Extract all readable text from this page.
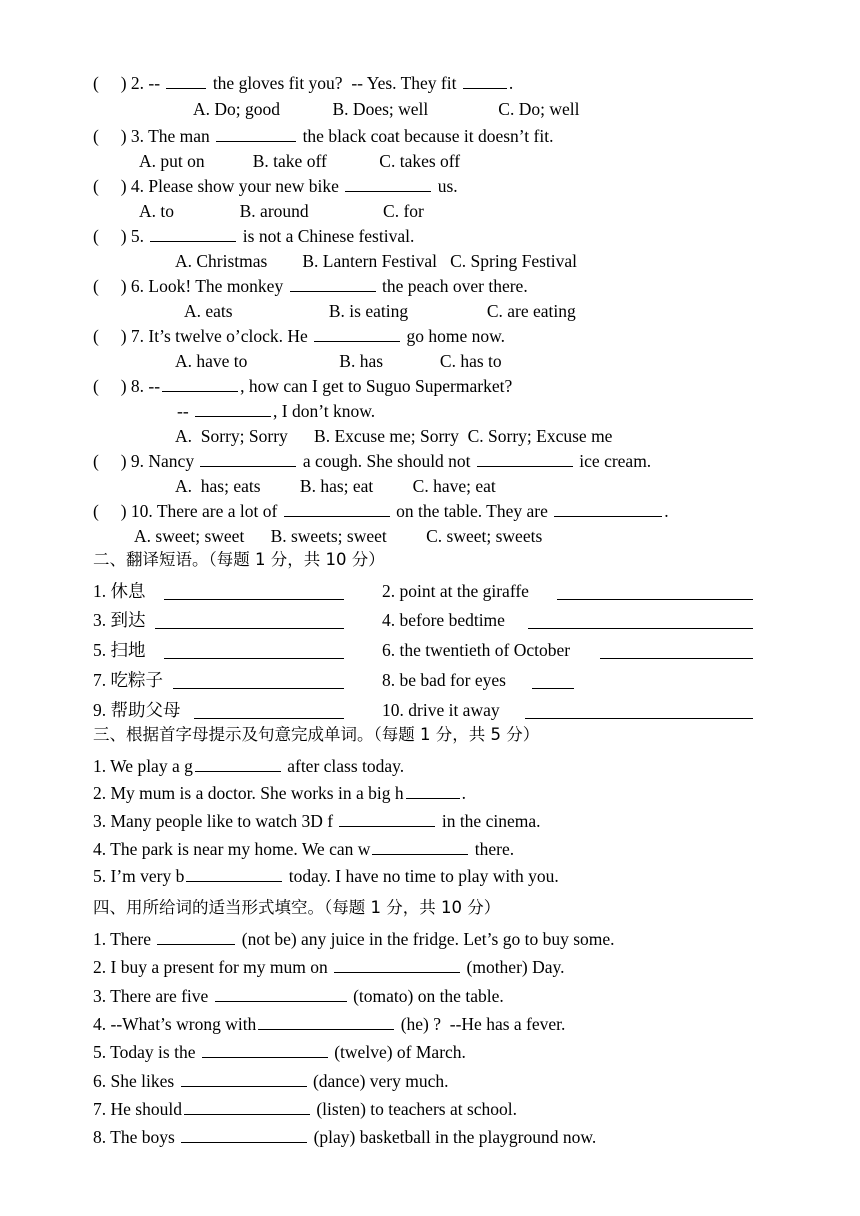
( ) 2. --	the gloves fit you?  -- Yes. They fit	.
A. Do; good            B. Does; well                C. Do; well
( ) 3. The man	the black coat because it doesn’t fit.
A. put on           B. take off            C. takes off
( ) 4. Please show your new bike	us.
A. to               B. around                 C. for
( ) 5.	is not a Chinese festival.
A. Christmas        B. Lantern Festival   C. Spring Festival
( ) 6. Look! The monkey	the peach over there.
A. eats                      B. is eating                  C. are eating
( ) 7. It’s twelve o’clock. He	go home now.
A. have to                     B. has             C. has to
( ) 8. --	, how can I get to Suguo Supermarket?
--	, I don’t know.
A.  Sorry; Sorry      B. Excuse me; Sorry  C. Sorry; Excuse me
( ) 9. Nancy	a cough. She should not	ice cream.
A.  has; eats         B. has; eat         C. have; eat
( ) 10. There are a lot of	on the table. They are	.
A. sweet; sweet      B. sweets; sweet         C. sweet; sweets
二、翻译短语。（每题 1 分，共 10 分）
1. 休息	2. point at the giraffe
3. 到达	4. before bedtime
5. 扫地	6. the twentieth of October
7. 吃粽子	8. be bad for eyes
9. 帮助父母	10. drive it away
三、根据首字母提示及句意完成单词。（每题 1 分，共 5 分）
1. We play a g	after class today.
2. My mum is a doctor. She works in a big h	.
3. Many people like to watch 3D f	in the cinema.
4. The park is near my home. We can w	there.
5. I’m very b	today. I have no time to play with you.
四、用所给词的适当形式填空。（每题 1 分，共 10 分）
1. There	(not be) any juice in the fridge. Let’s go to buy some.
2. I buy a present for my mum on	(mother) Day.
3. There are five	(tomato) on the table.
4. --What’s wrong with	(he) ?  --He has a fever.
5. Today is the	(twelve) of March.
6. She likes	(dance) very much.
7. He should	(listen) to teachers at school.
8. The boys	(play) basketball in the playground now.
